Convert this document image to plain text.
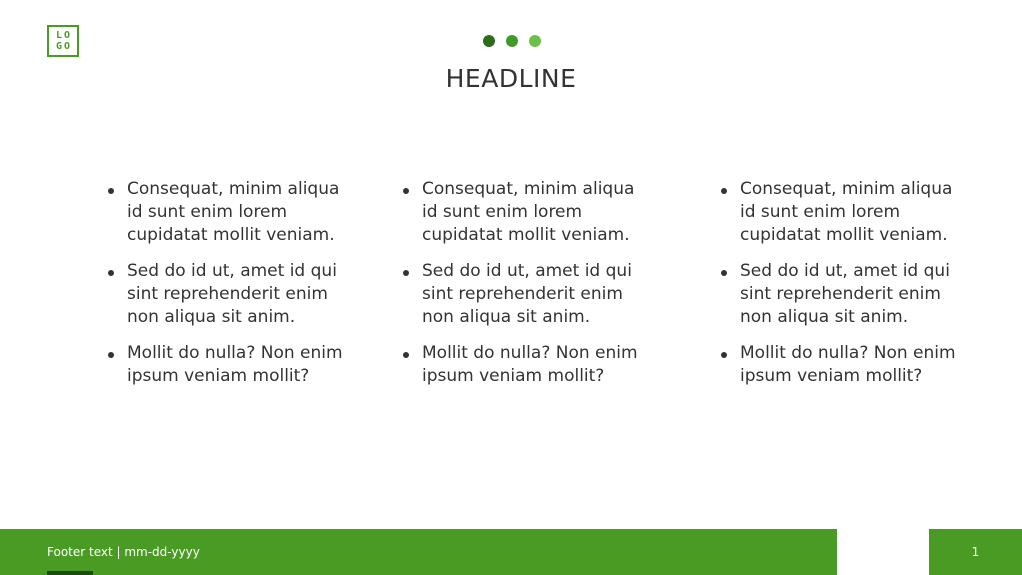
LO
GO
HEADLINE
Consequat, minim aliqua id sunt enim lorem cupidatat mollit veniam.
Sed do id ut, amet id qui sint reprehenderit enim non aliqua sit anim.
Mollit do nulla? Non enim ipsum veniam mollit?
Consequat, minim aliqua id sunt enim lorem cupidatat mollit veniam.
Sed do id ut, amet id qui sint reprehenderit enim non aliqua sit anim.
Mollit do nulla? Non enim ipsum veniam mollit?
Consequat, minim aliqua id sunt enim lorem cupidatat mollit veniam.
Sed do id ut, amet id qui sint reprehenderit enim non aliqua sit anim.
Mollit do nulla? Non enim ipsum veniam mollit?
Footer text | mm-dd-yyyy	1
